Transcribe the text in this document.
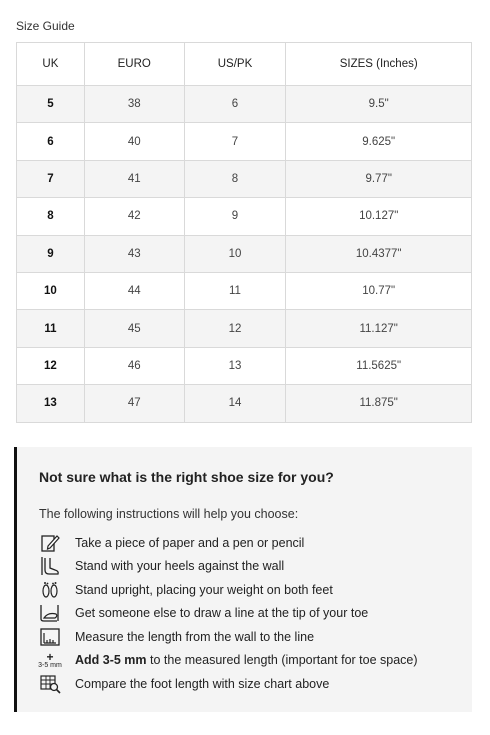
Size Guide
UK	EURO	US/PK	SIZES (Inches)
5	38	6	9.5"
6	40	7	9.625"
7	41	8	9.77"
8	42	9	10.127"
9	43	10	10.4377"
10	44	11	10.77"
11	45	12	11.127"
12	46	13	11.5625"
13	47	14	11.875"
Not sure what is the right shoe size for you?
The following instructions will help you choose:
Take a piece of paper and a pen or pencil
Stand with your heels against the wall
Stand upright, placing your weight on both feet
Get someone else to draw a line at the tip of your toe
Measure the length from the wall to the line
+
3-5 mm Add 3-5 mm to the measured length (important for toe space)
Compare the foot length with size chart above
